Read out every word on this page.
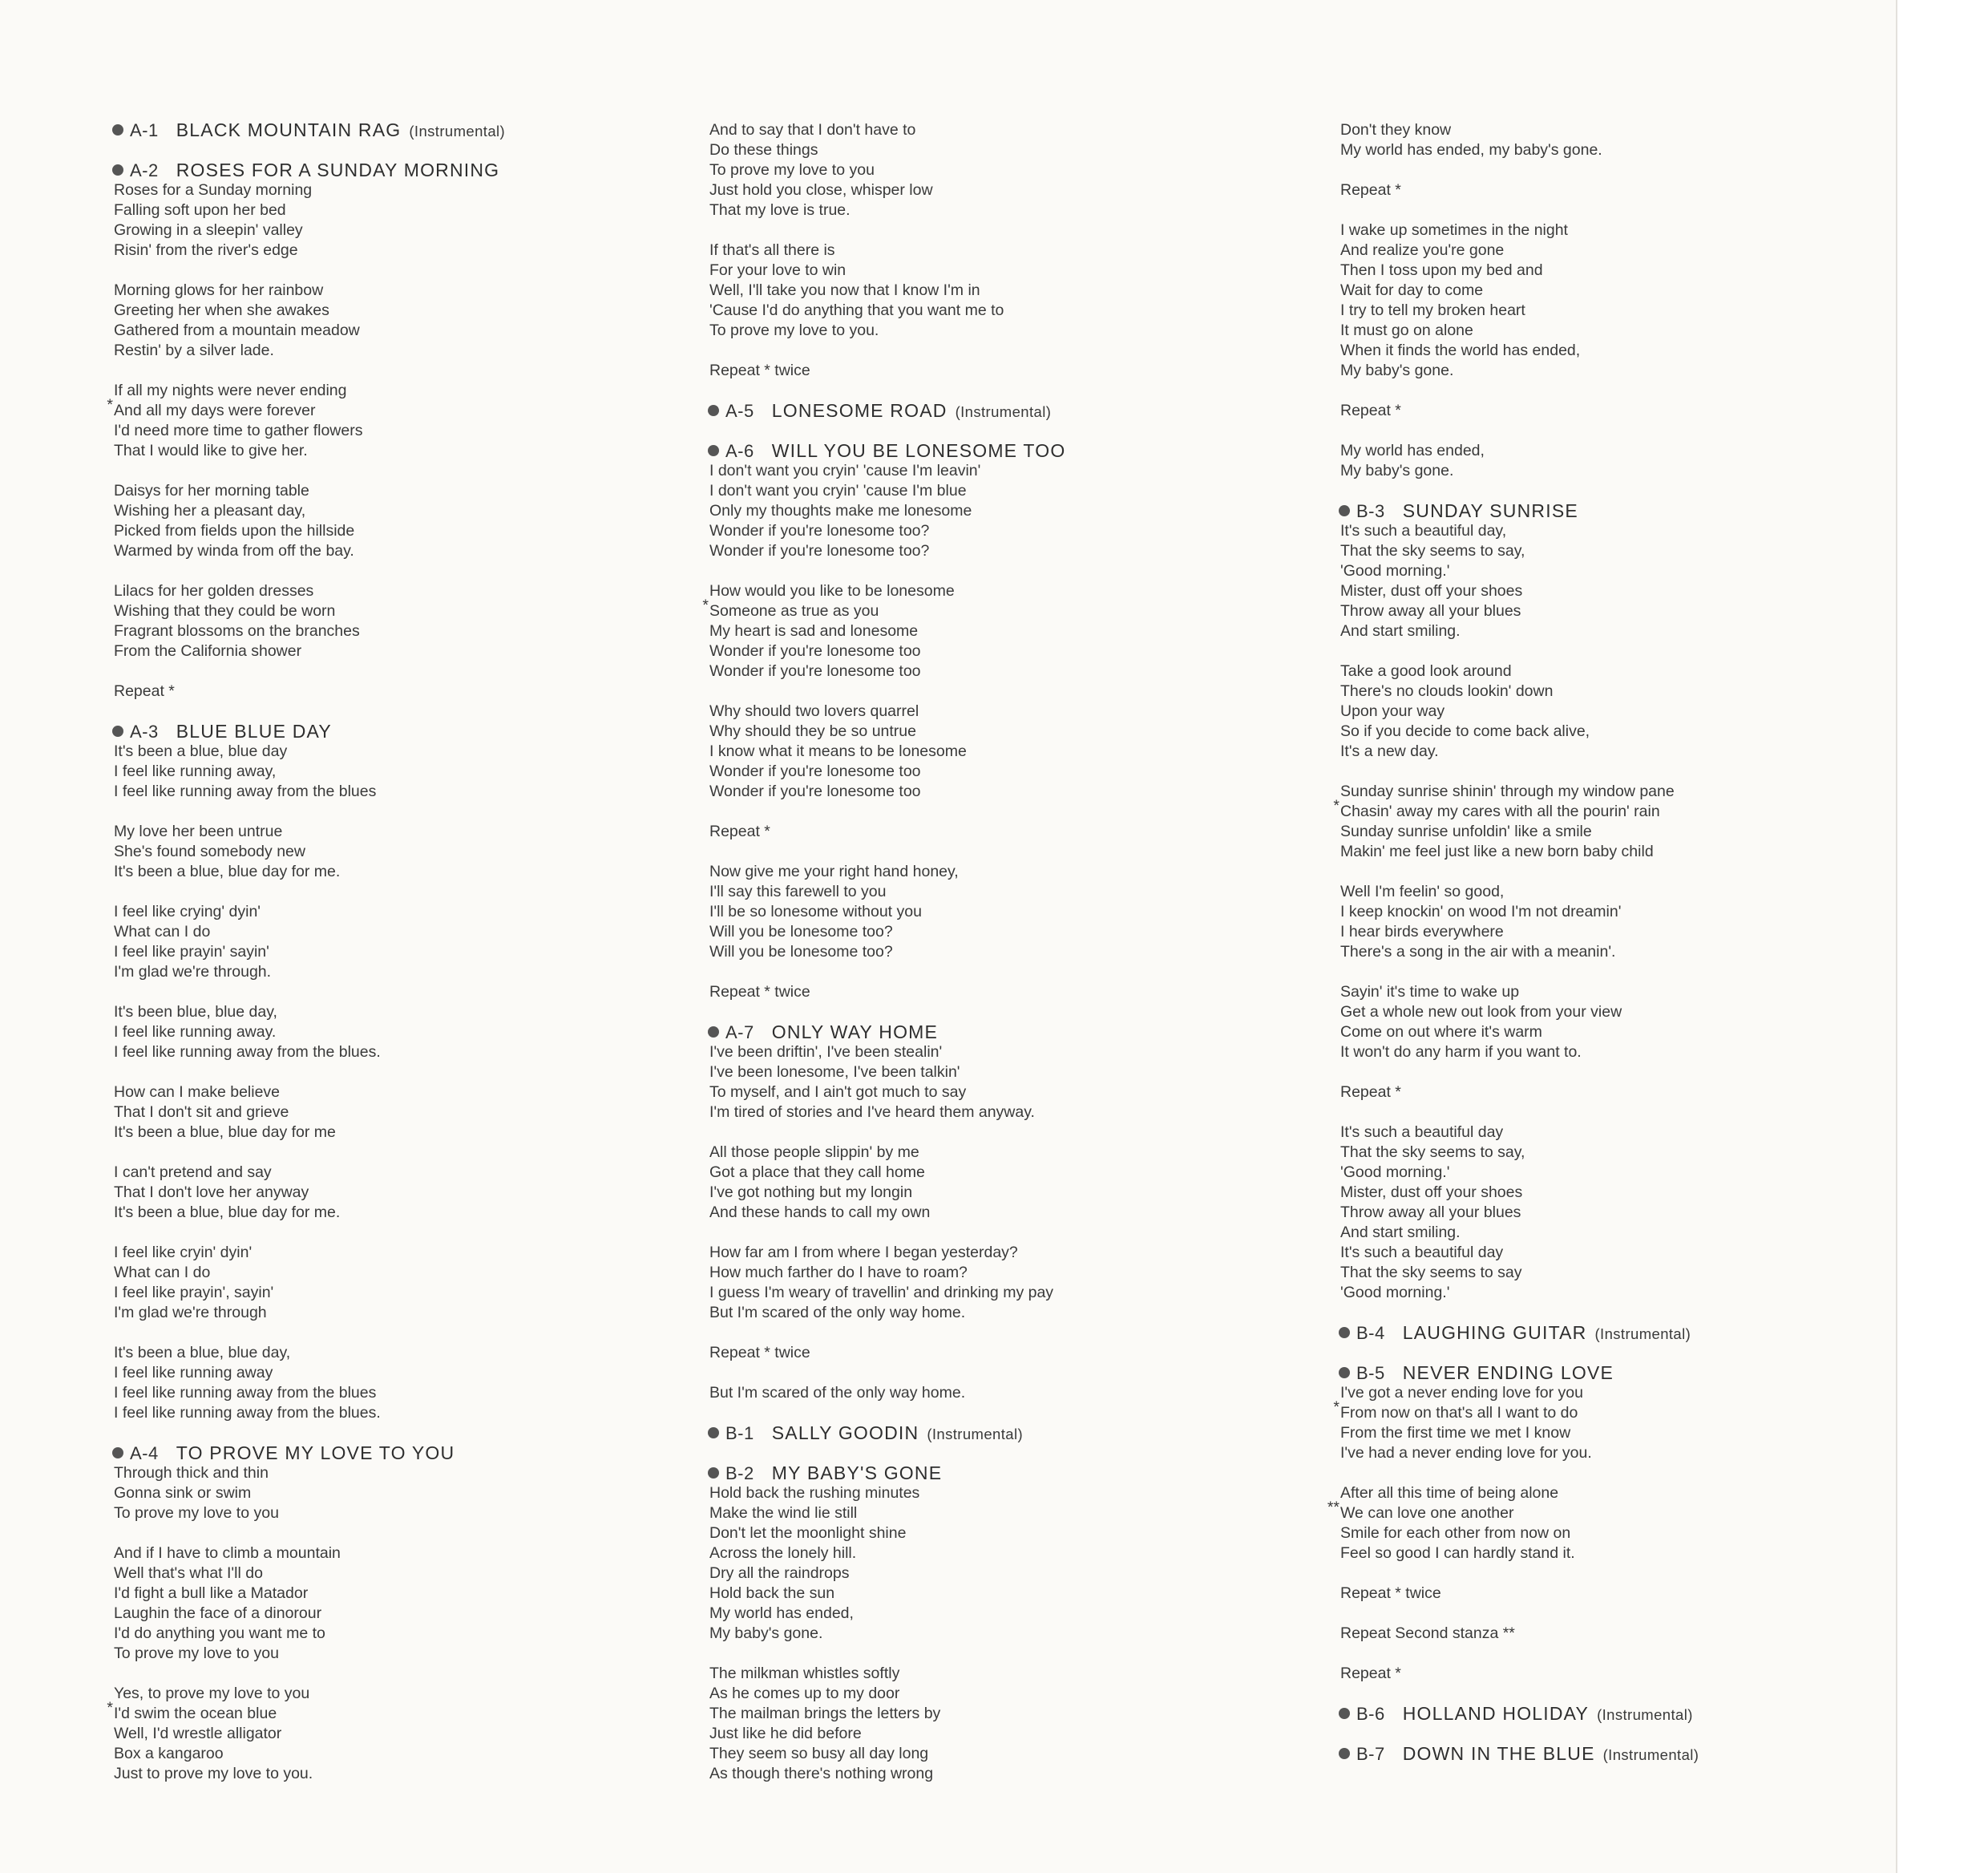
A-1 BLACK MOUNTAIN RAG (Instrumental)
A-2 ROSES FOR A SUNDAY MORNING
Roses for a Sunday morning
Falling soft upon her bed
Growing in a sleepin' valley
Risin' from the river's edge
Morning glows for her rainbow
Greeting her when she awakes
Gathered from a mountain meadow
Restin' by a silver lade.
*
If all my nights were never ending
And all my days were forever
I'd need more time to gather flowers
That I would like to give her.
Daisys for her morning table
Wishing her a pleasant day,
Picked from fields upon the hillside
Warmed by winda from off the bay.
Lilacs for her golden dresses
Wishing that they could be worn
Fragrant blossoms on the branches
From the California shower
Repeat *
A-3 BLUE BLUE DAY
It's been a blue, blue day
I feel like running away,
I feel like running away from the blues
My love her been untrue
She's found somebody new
It's been a blue, blue day for me.
I feel like crying' dyin'
What can I do
I feel like prayin' sayin'
I'm glad we're through.
It's been blue, blue day,
I feel like running away.
I feel like running away from the blues.
How can I make believe
That I don't sit and grieve
It's been a blue, blue day for me
I can't pretend and say
That I don't love her anyway
It's been a blue, blue day for me.
I feel like cryin' dyin'
What can I do
I feel like prayin', sayin'
I'm glad we're through
It's been a blue, blue day,
I feel like running away
I feel like running away from the blues
I feel like running away from the blues.
A-4 TO PROVE MY LOVE TO YOU
Through thick and thin
Gonna sink or swim
To prove my love to you
And if I have to climb a mountain
Well that's what I'll do
I'd fight a bull like a Matador
Laughin the face of a dinorour
I'd do anything you want me to
To prove my love to you
*
Yes, to prove my love to you
I'd swim the ocean blue
Well, I'd wrestle alligator
Box a kangaroo
Just to prove my love to you.
And to say that I don't have to
Do these things
To prove my love to you
Just hold you close, whisper low
That my love is true.
If that's all there is
For your love to win
Well, I'll take you now that I know I'm in
'Cause I'd do anything that you want me to
To prove my love to you.
Repeat * twice
A-5 LONESOME ROAD (Instrumental)
A-6 WILL YOU BE LONESOME TOO
I don't want you cryin' 'cause I'm leavin'
I don't want you cryin' 'cause I'm blue
Only my thoughts make me lonesome
Wonder if you're lonesome too?
Wonder if you're lonesome too?
*
How would you like to be lonesome
Someone as true as you
My heart is sad and lonesome
Wonder if you're lonesome too
Wonder if you're lonesome too
Why should two lovers quarrel
Why should they be so untrue
I know what it means to be lonesome
Wonder if you're lonesome too
Wonder if you're lonesome too
Repeat *
Now give me your right hand honey,
I'll say this farewell to you
I'll be so lonesome without you
Will you be lonesome too?
Will you be lonesome too?
Repeat * twice
A-7 ONLY WAY HOME
I've been driftin', I've been stealin'
I've been lonesome, I've been talkin'
To myself, and I ain't got much to say
I'm tired of stories and I've heard them anyway.
All those people slippin' by me
Got a place that they call home
I've got nothing but my longin
And these hands to call my own
How far am I from where I began yesterday?
How much farther do I have to roam?
I guess I'm weary of travellin' and drinking my pay
But I'm scared of the only way home.
Repeat * twice
But I'm scared of the only way home.
B-1 SALLY GOODIN (Instrumental)
B-2 MY BABY'S GONE
Hold back the rushing minutes
Make the wind lie still
Don't let the moonlight shine
Across the lonely hill.
Dry all the raindrops
Hold back the sun
My world has ended,
My baby's gone.
The milkman whistles softly
As he comes up to my door
The mailman brings the letters by
Just like he did before
They seem so busy all day long
As though there's nothing wrong
Don't they know
My world has ended, my baby's gone.
Repeat *
I wake up sometimes in the night
And realize you're gone
Then I toss upon my bed and
Wait for day to come
I try to tell my broken heart
It must go on alone
When it finds the world has ended,
My baby's gone.
Repeat *
My world has ended,
My baby's gone.
B-3 SUNDAY SUNRISE
It's such a beautiful day,
That the sky seems to say,
'Good morning.'
Mister, dust off your shoes
Throw away all your blues
And start smiling.
Take a good look around
There's no clouds lookin' down
Upon your way
So if you decide to come back alive,
It's a new day.
*
Sunday sunrise shinin' through my window pane
Chasin' away my cares with all the pourin' rain
Sunday sunrise unfoldin' like a smile
Makin' me feel just like a new born baby child
Well I'm feelin' so good,
I keep knockin' on wood I'm not dreamin'
I hear birds everywhere
There's a song in the air with a meanin'.
Sayin' it's time to wake up
Get a whole new out look from your view
Come on out where it's warm
It won't do any harm if you want to.
Repeat *
It's such a beautiful day
That the sky seems to say,
'Good morning.'
Mister, dust off your shoes
Throw away all your blues
And start smiling.
It's such a beautiful day
That the sky seems to say
'Good morning.'
B-4 LAUGHING GUITAR (Instrumental)
B-5 NEVER ENDING LOVE
*
I've got a never ending love for you
From now on that's all I want to do
From the first time we met I know
I've had a never ending love for you.
**
After all this time of being alone
We can love one another
Smile for each other from now on
Feel so good I can hardly stand it.
Repeat * twice
Repeat Second stanza **
Repeat *
B-6 HOLLAND HOLIDAY (Instrumental)
B-7 DOWN IN THE BLUE (Instrumental)
